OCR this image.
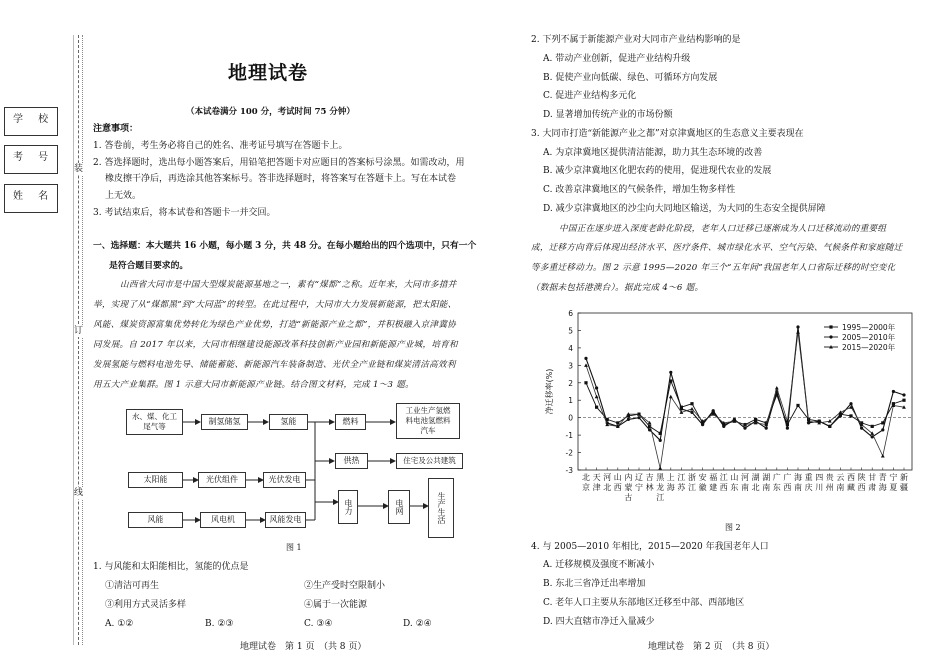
学 校
考 号
姓 名
装
订
线
地理试卷
（本试卷满分 100 分，考试时间 75 分钟）
注意事项：
1. 答卷前，考生务必将自己的姓名、准考证号填写在答题卡上。
2. 答选择题时，选出每小题答案后，用铅笔把答题卡对应题目的答案标号涂黑。如需改动，用
橡皮擦干净后，再选涂其他答案标号。答非选择题时，将答案写在答题卡上。写在本试卷
上无效。
3. 考试结束后，将本试卷和答题卡一并交回。
一、选择题：本大题共 16 小题，每小题 3 分，共 48 分。在每小题给出的四个选项中，只有一个
是符合题目要求的。
山西省大同市是中国大型煤炭能源基地之一，素有“煤都”之称。近年来，大同市多措并
举，实现了从“煤都黑”到“大同蓝”的转型。在此过程中，大同市大力发展新能源，把太阳能、
风能、煤炭资源富集优势转化为绿色产业优势，打造“新能源产业之都”，并积极融入京津冀协
同发展。自 2017 年以来，大同市相继建设能源改革科技创新产业园和新能源产业城，培育和
发展氢能与燃料电池先导、储能蓄能、新能源汽车装备制造、光伏全产业链和煤炭清洁高效利
用五大产业集群。图 1 示意大同市新能源产业链。结合图文材料，完成 1～3 题。
水、煤、化工尾气等
制氢储氢	氢能	燃料
工业生产氢燃料电池氢燃料汽车
供热	住宅及公共建筑
太阳能	光伏组件	光伏发电
风能	风电机	风能发电
电力	电网	生产生活
图 1
1. 与风能和太阳能相比，氢能的优点是
①清洁可再生	②生产受时空限制小
③利用方式灵活多样	④属于一次能源
A. ①②	B. ②③	C. ③④	D. ②④
地理试卷　第 1 页　（共 8 页）
2. 下列不属于新能源产业对大同市产业结构影响的是
A. 带动产业创新，促进产业结构升级
B. 促使产业向低碳、绿色、可循环方向发展
C. 促进产业结构多元化
D. 显著增加传统产业的市场份额
3. 大同市打造“新能源产业之都”对京津冀地区的生态意义主要表现在
A. 为京津冀地区提供清洁能源，助力其生态环境的改善
B. 减少京津冀地区化肥农药的使用，促进现代农业的发展
C. 改善京津冀地区的气候条件，增加生物多样性
D. 减少京津冀地区的沙尘向大同地区输送，为大同的生态安全提供屏障
中国正在逐步进入深度老龄化阶段，老年人口迁移已逐渐成为人口迁移流动的重要组
成，迁移方向背后体现出经济水平、医疗条件、城市绿化水平、空气污染、气候条件和家庭随迁
等多重迁移动力。图 2 示意 1995—2020 年三个“五年间”我国老年人口省际迁移的时空变化
（数据未包括港澳台）。据此完成 4～6 题。
-3
-2
-1
0
1
2
3
4
5
6
净迁移率(%)
北京
天津
河北
山西
内蒙古
辽宁
吉林
黑龙江
上海
江苏
浙江
安徽
福建
江西
山东
河南
湖北
湖南
广东
广西
海南
重庆
四川
贵州
云南
西藏
陕西
甘肃
青海
宁夏
新疆
1995—2000年
2005—2010年
2015—2020年
图 2
4. 与 2005—2010 年相比，2015—2020 年我国老年人口
A. 迁移规模及强度不断减小
B. 东北三省净迁出率增加
C. 老年人口主要从东部地区迁移至中部、西部地区
D. 四大直辖市净迁入量减少
地理试卷　第 2 页　（共 8 页）
